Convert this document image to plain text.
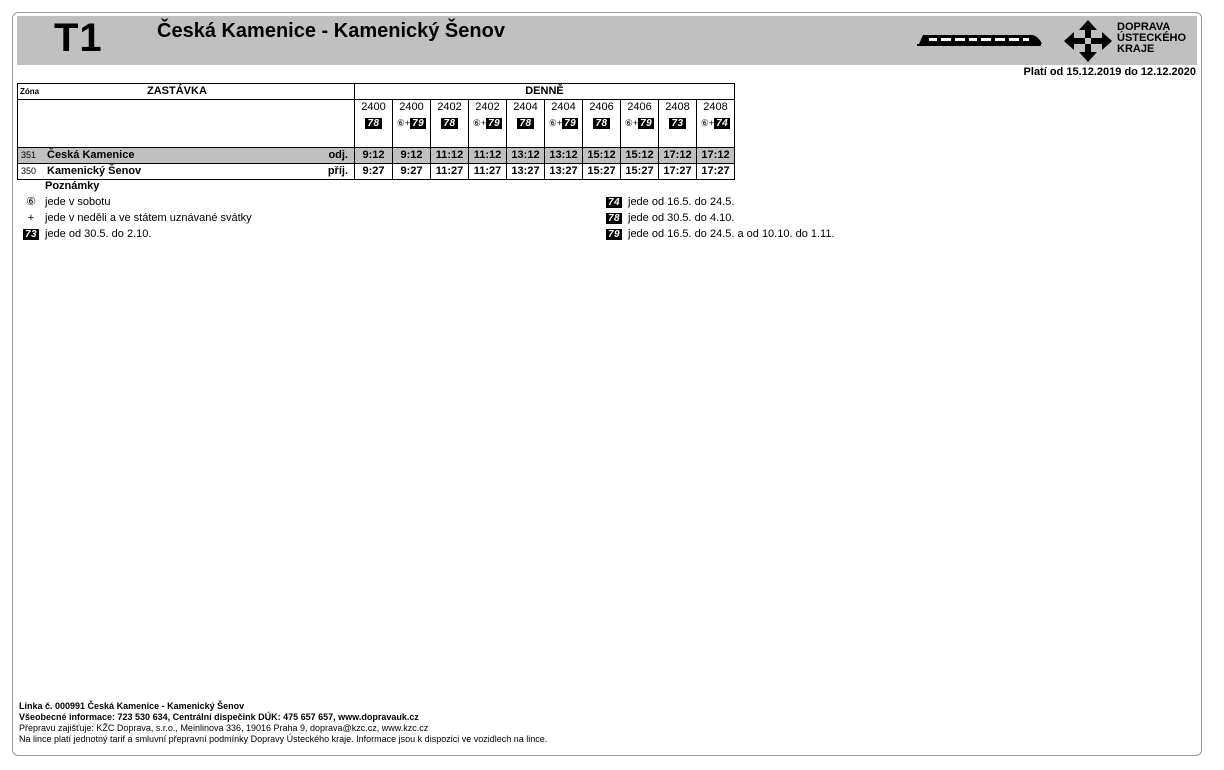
T1	Česká Kamenice - Kamenický Šenov	DOPRAVA
ÚSTECKÉHO
KRAJE
Platí od 15.12.2019 do 12.12.2020
Zóna	ZASTÁVKA		DENNĚ									
			2400	2400	2402	2402	2404	2404	2406	2406	2408	2408
			78	⑥+ 79	78	⑥+ 79	78	⑥+ 79	78	⑥+ 79	73	⑥+ 74

351	Česká Kamenice	odj.	9:12	9:12	11:12	11:12	13:12	13:12	15:12	15:12	17:12	17:12
350	Kamenický Šenov	příj.	9:27	9:27	11:27	11:27	13:27	13:27	15:27	15:27	17:27	17:27
Poznámky
⑥ jede v sobotu
+ jede v neděli a ve státem uznávané svátky
73 jede od 30.5. do 2.10.
74 jede od 16.5. do 24.5.
78 jede od 30.5. do 4.10.
79 jede od 16.5. do 24.5. a od 10.10. do 1.11.
Linka č. 000991 Česká Kamenice - Kamenický Šenov
Všeobecné informace: 723 530 634, Centrální dispečink DÚK: 475 657 657, www.dopravauk.cz
Přepravu zajišťuje: KŽC Doprava, s.r.o., Meinlinova 336, 19016 Praha 9, doprava@kzc.cz, www.kzc.cz
Na lince platí jednotný tarif a smluvní přepravní podmínky Dopravy Ústeckého kraje. Informace jsou k dispozici ve vozidlech na lince.
